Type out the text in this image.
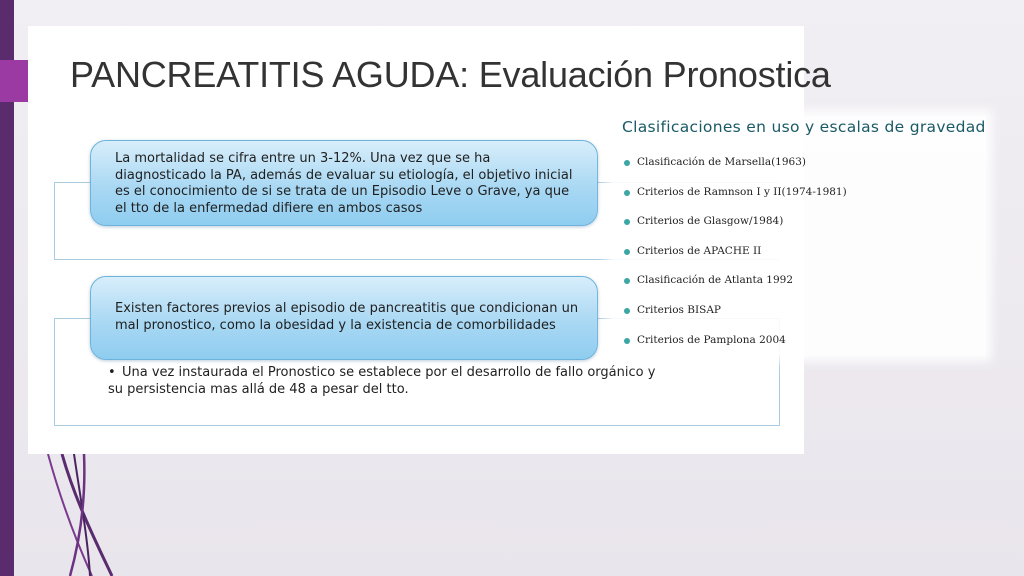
PANCREATITIS AGUDA: Evaluación Pronostica
La mortalidad se cifra entre un 3-12%. Una vez que se ha diagnosticado la PA, además de evaluar su etiología, el objetivo inicial es el conocimiento de si se trata de un Episodio Leve o Grave, ya que el tto de la enfermedad difiere en ambos casos
Existen factores previos al episodio de pancreatitis que condicionan un mal pronostico, como la obesidad y la existencia de comorbilidades
• Una vez instaurada el Pronostico se establece por el desarrollo de fallo orgánico y su persistencia mas allá de 48 a pesar del tto.
Clasificaciones en uso y escalas de gravedad
Clasificación de Marsella(1963)
Criterios de Ramnson I y II(1974-1981)
Criterios de Glasgow/1984)
Criterios de APACHE II
Clasificación de Atlanta 1992
Criterios BISAP
Criterios de Pamplona 2004
